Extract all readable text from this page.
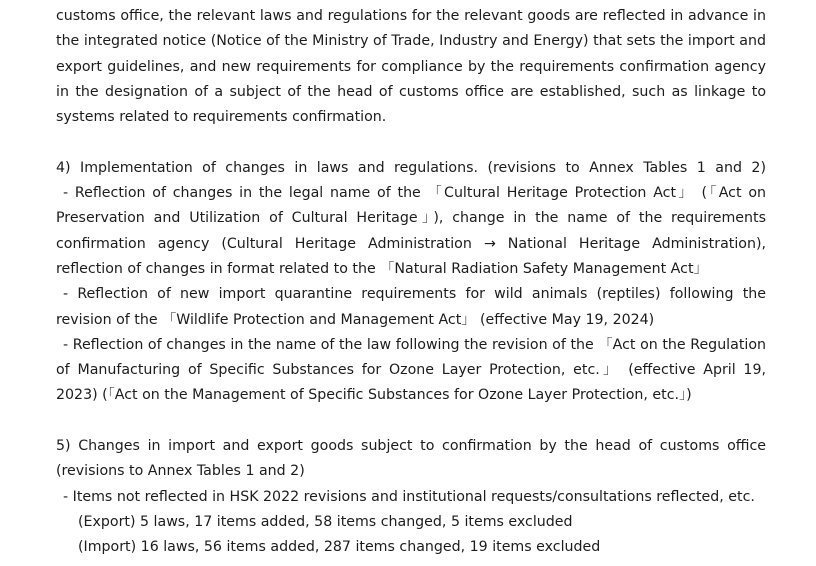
customs office, the relevant laws and regulations for the relevant goods are reflected in advance in the integrated notice (Notice of the Ministry of Trade, Industry and Energy) that sets the import and export guidelines, and new requirements for compliance by the requirements confirmation agency in the designation of a subject of the head of customs office are established, such as linkage to systems related to requirements confirmation.

4) Implementation of changes in laws and regulations. (revisions to Annex Tables 1 and 2)

- Reflection of changes in the legal name of the 「Cultural Heritage Protection Act」 (「Act on Preservation and Utilization of Cultural Heritage」), change in the name of the requirements confirmation agency (Cultural Heritage Administration → National Heritage Administration), reflection of changes in format related to the 「Natural Radiation Safety Management Act」

- Reflection of new import quarantine requirements for wild animals (reptiles) following the revision of the 「Wildlife Protection and Management Act」 (effective May 19, 2024)

- Reflection of changes in the name of the law following the revision of the 「Act on the Regulation of Manufacturing of Specific Substances for Ozone Layer Protection, etc.」 (effective April 19, 2023) (「Act on the Management of Specific Substances for Ozone Layer Protection, etc.」)

5) Changes in import and export goods subject to confirmation by the head of customs office (revisions to Annex Tables 1 and 2)

- Items not reflected in HSK 2022 revisions and institutional requests/consultations reflected, etc.

(Export) 5 laws, 17 items added, 58 items changed, 5 items excluded

(Import) 16 laws, 56 items added, 287 items changed, 19 items excluded
